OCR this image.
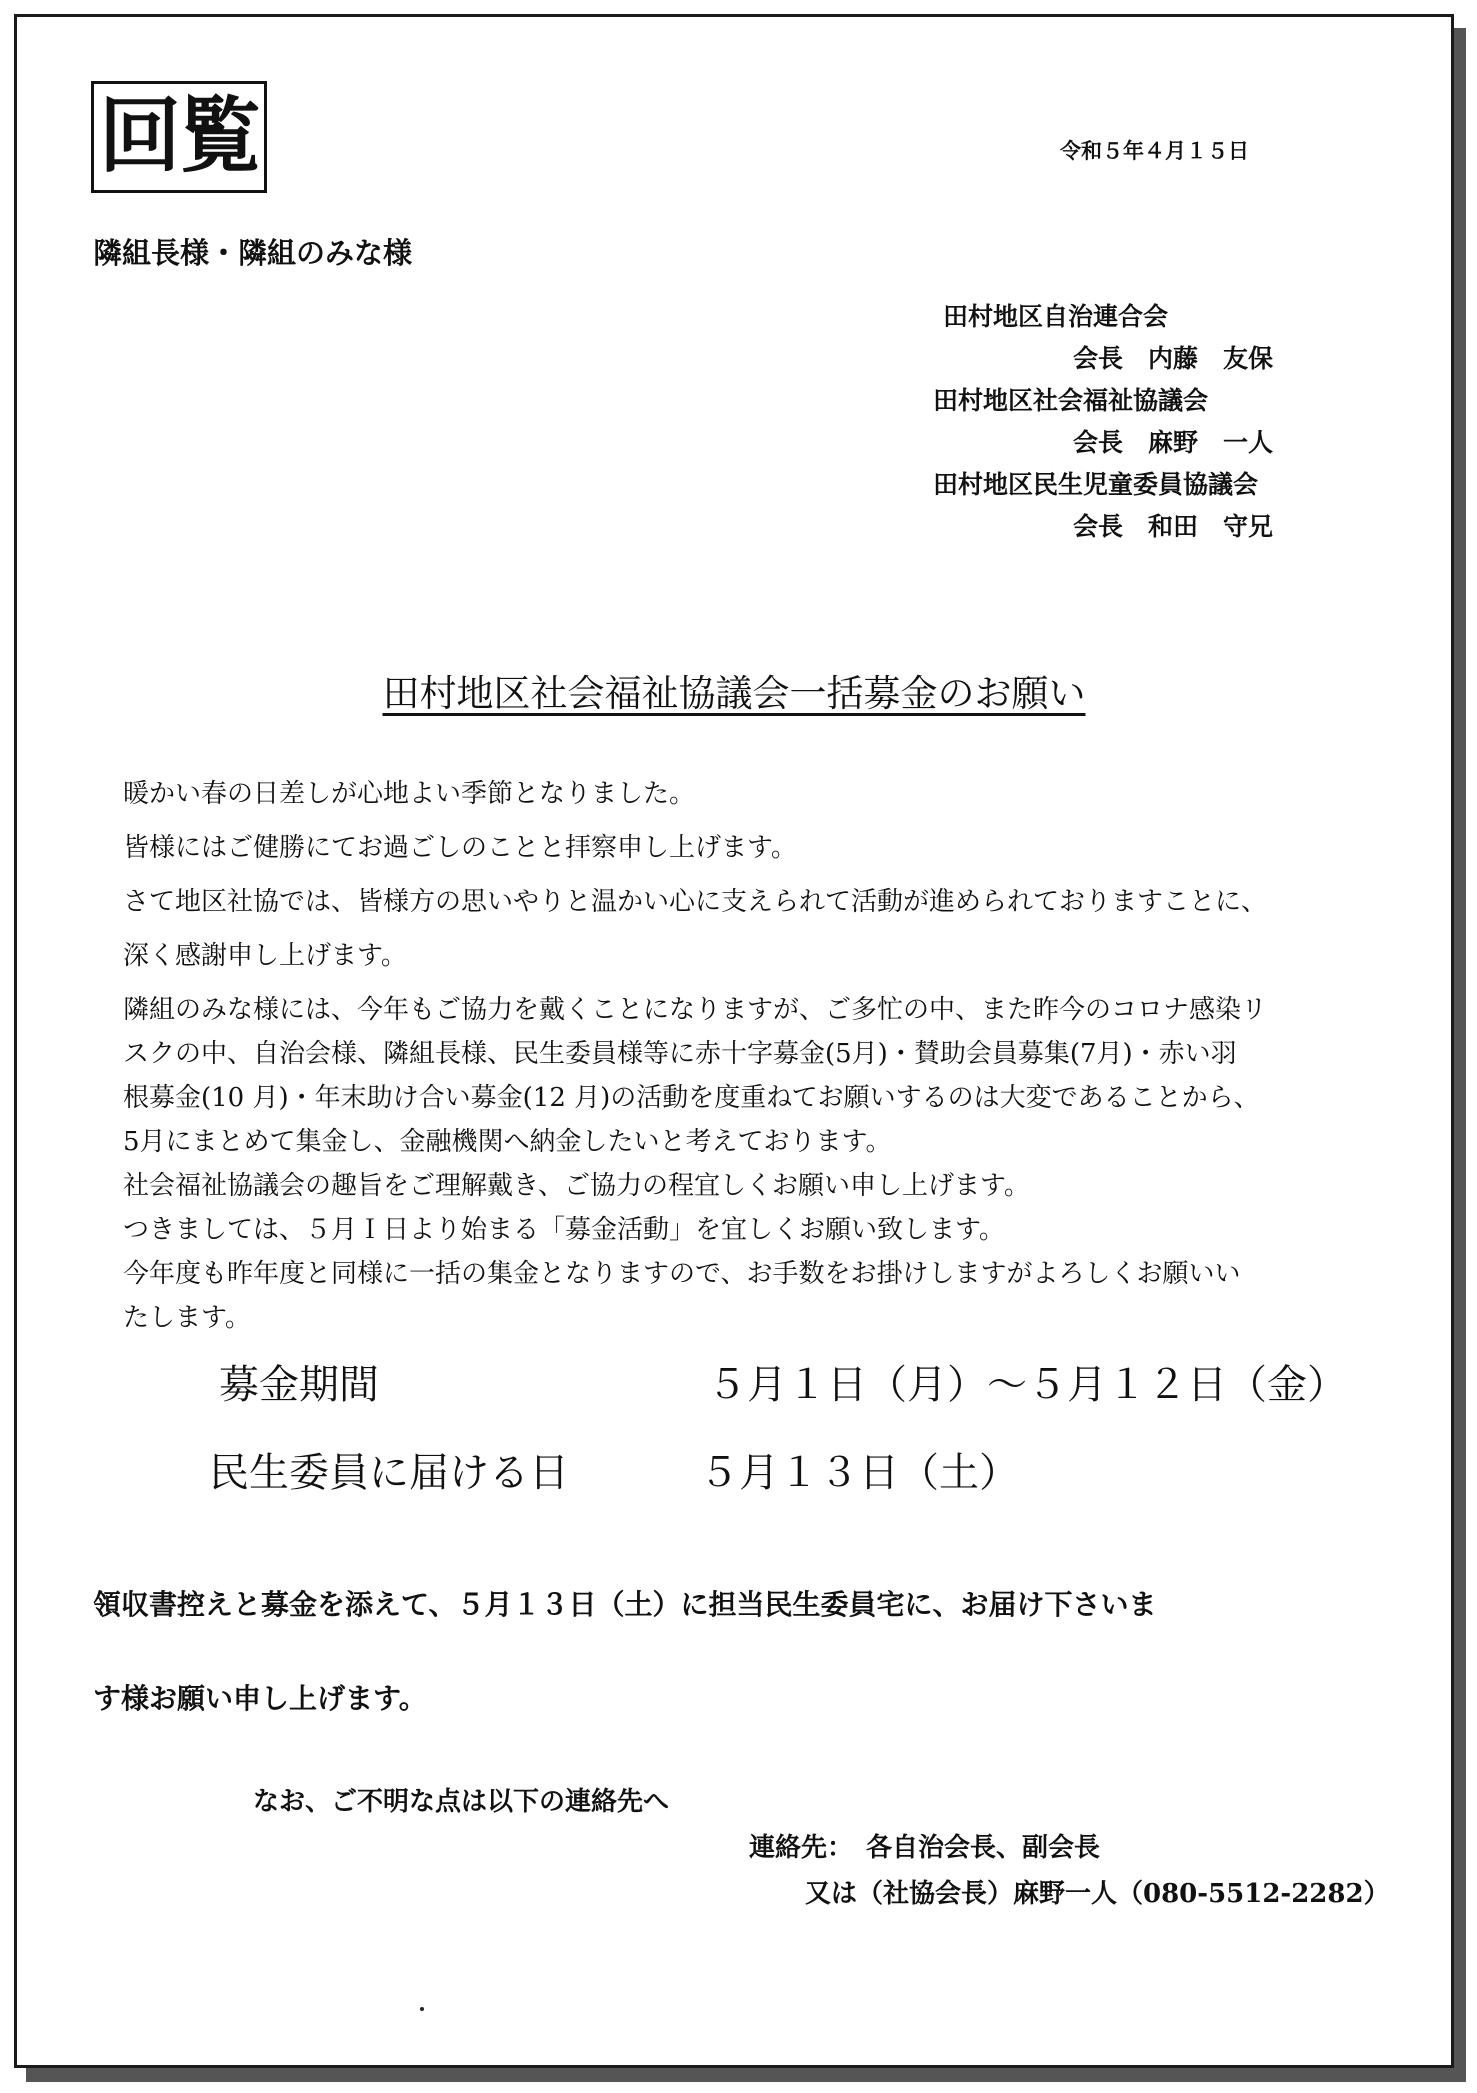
回覧	令和５年４月１５日
隣組長様・隣組のみな様
田村地区自治連合会
会長　内藤　友保
田村地区社会福祉協議会
会長　麻野　一人
田村地区民生児童委員協議会
会長　和田　守兄
田村地区社会福祉協議会一括募金のお願い
暖かい春の日差しが心地よい季節となりました。
皆様にはご健勝にてお過ごしのことと拝察申し上げます。
さて地区社協では、皆様方の思いやりと温かい心に支えられて活動が進められておりますことに、
深く感謝申し上げます。
隣組のみな様には、今年もご協力を戴くことになりますが、ご多忙の中、また昨今のコロナ感染リ
スクの中、自治会様、隣組長様、民生委員様等に赤十字募金(5月)・賛助会員募集(7月)・赤い羽
根募金(10 月)・年末助け合い募金(12 月)の活動を度重ねてお願いするのは大変であることから、
5月にまとめて集金し、金融機関へ納金したいと考えております。
社会福祉協議会の趣旨をご理解戴き、ご協力の程宜しくお願い申し上げます。
つきましては、５月Ｉ日より始まる「募金活動」を宜しくお願い致します。
今年度も昨年度と同様に一括の集金となりますので、お手数をお掛けしますがよろしくお願いい
たします。
募金期間	５月１日（月）～５月１２日（金）
民生委員に届ける日	５月１３日（土）
領収書控えと募金を添えて、５月１３日（土）に担当民生委員宅に、お届け下さいま
す様お願い申し上げます。
なお、ご不明な点は以下の連絡先へ
連絡先：　各自治会長、副会長
又は（社協会長）麻野一人（080-5512-2282）
